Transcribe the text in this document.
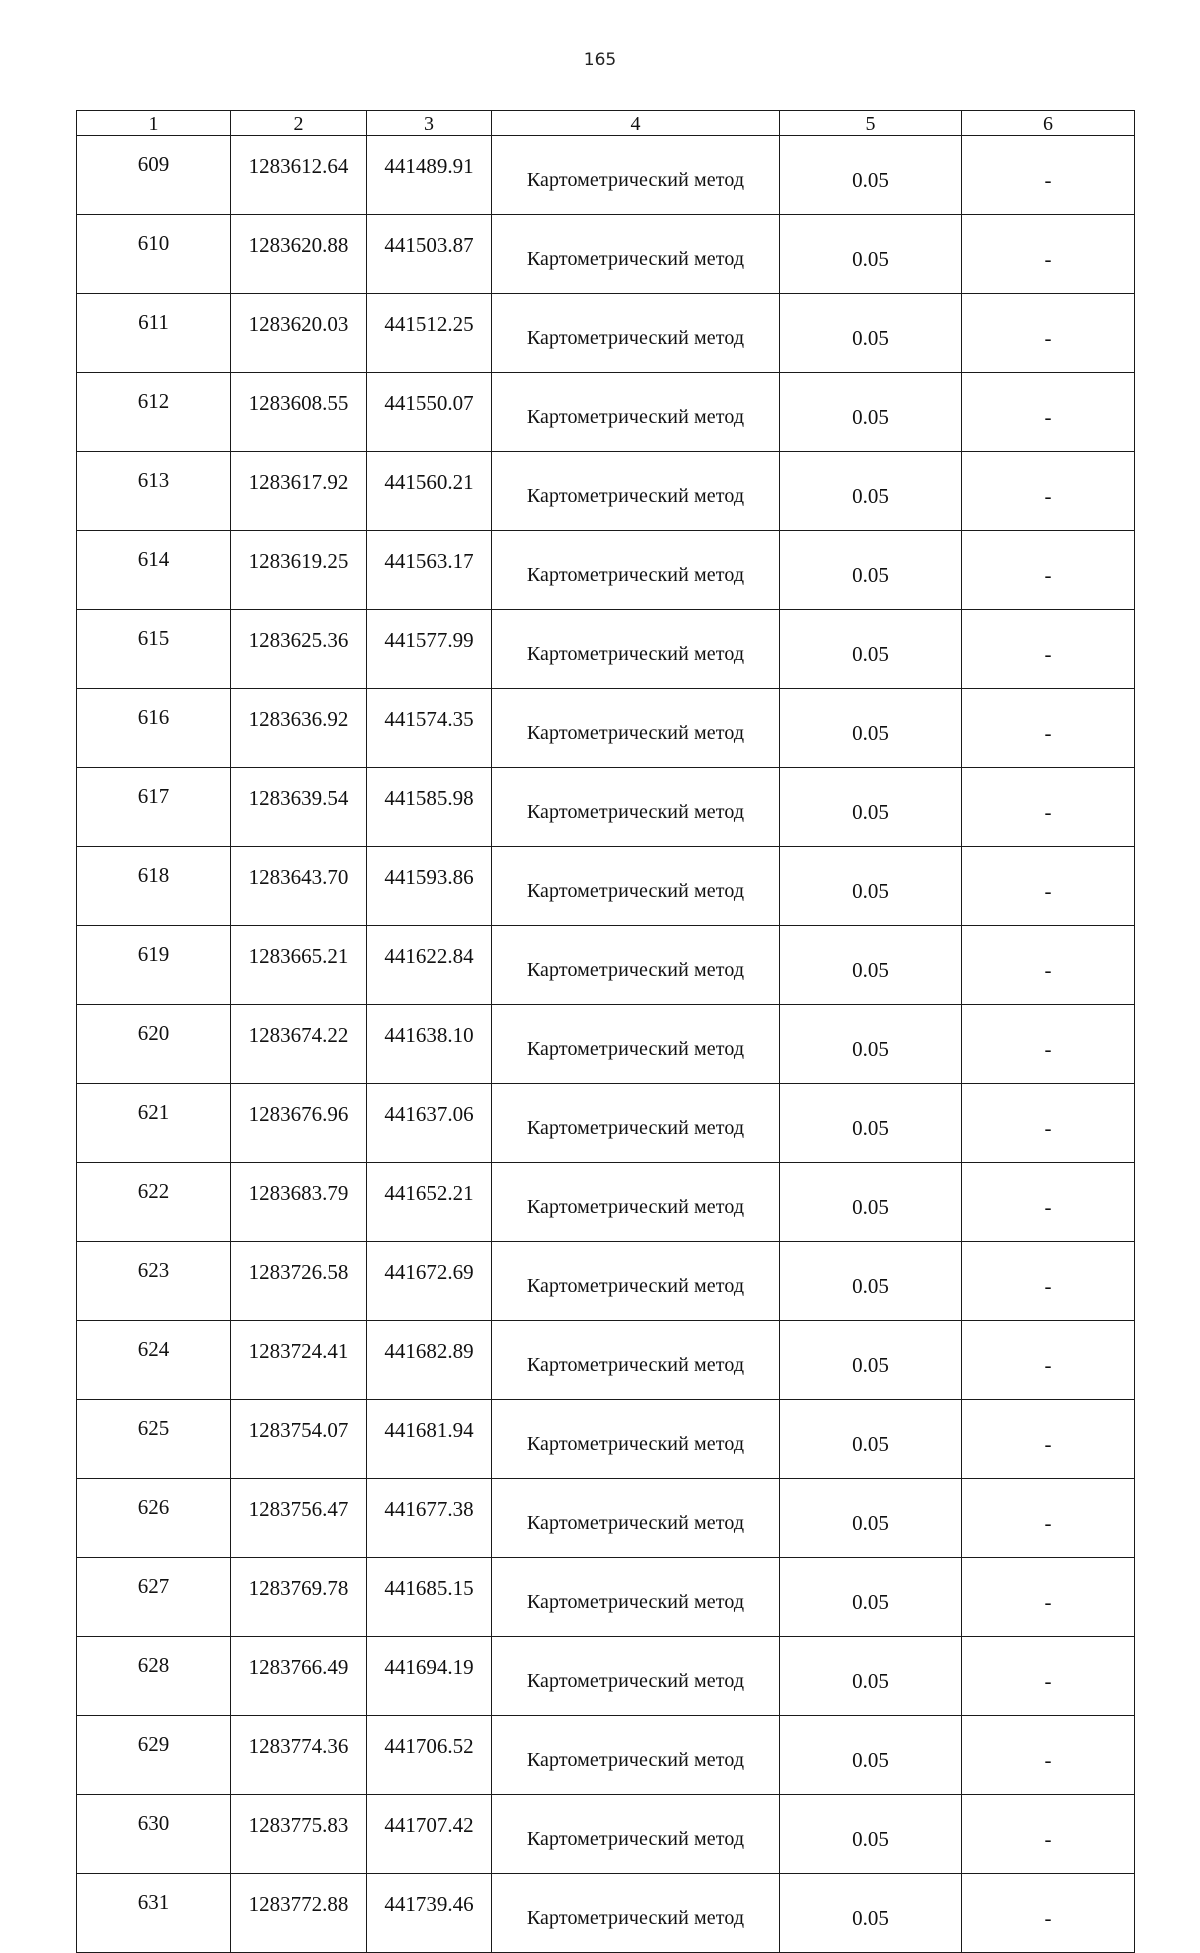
165
1	2	3	4	5	6
609	1283612.64	441489.91	Картометрический метод	0.05	-
610	1283620.88	441503.87	Картометрический метод	0.05	-
611	1283620.03	441512.25	Картометрический метод	0.05	-
612	1283608.55	441550.07	Картометрический метод	0.05	-
613	1283617.92	441560.21	Картометрический метод	0.05	-
614	1283619.25	441563.17	Картометрический метод	0.05	-
615	1283625.36	441577.99	Картометрический метод	0.05	-
616	1283636.92	441574.35	Картометрический метод	0.05	-
617	1283639.54	441585.98	Картометрический метод	0.05	-
618	1283643.70	441593.86	Картометрический метод	0.05	-
619	1283665.21	441622.84	Картометрический метод	0.05	-
620	1283674.22	441638.10	Картометрический метод	0.05	-
621	1283676.96	441637.06	Картометрический метод	0.05	-
622	1283683.79	441652.21	Картометрический метод	0.05	-
623	1283726.58	441672.69	Картометрический метод	0.05	-
624	1283724.41	441682.89	Картометрический метод	0.05	-
625	1283754.07	441681.94	Картометрический метод	0.05	-
626	1283756.47	441677.38	Картометрический метод	0.05	-
627	1283769.78	441685.15	Картометрический метод	0.05	-
628	1283766.49	441694.19	Картометрический метод	0.05	-
629	1283774.36	441706.52	Картометрический метод	0.05	-
630	1283775.83	441707.42	Картометрический метод	0.05	-
631	1283772.88	441739.46	Картометрический метод	0.05	-
